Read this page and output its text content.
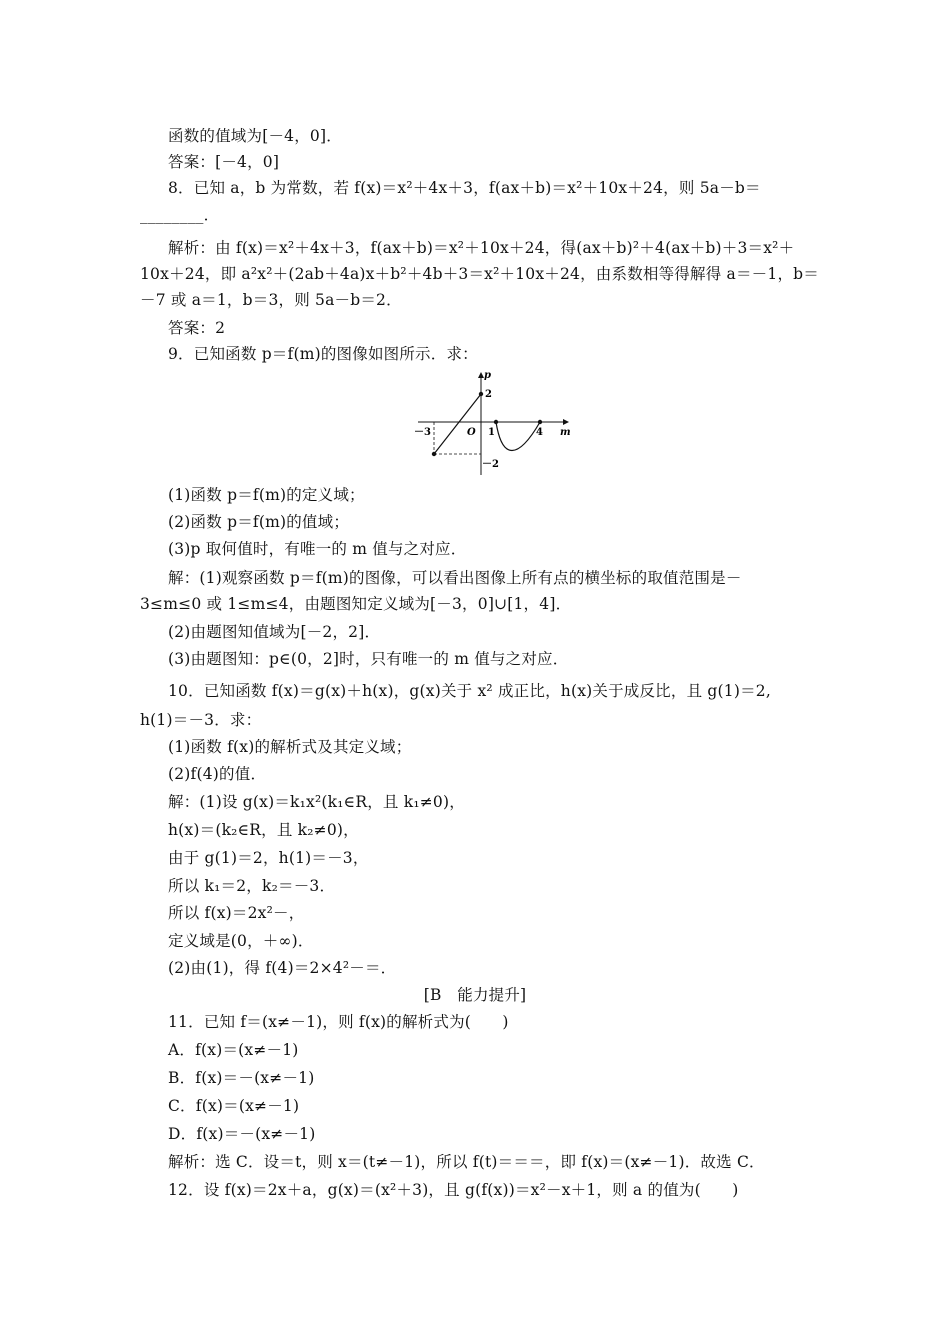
函数的值域为[－4，0]．
答案：[－4，0]
8．已知 a，b 为常数，若 f(x)＝x²＋4x＋3，f(ax＋b)＝x²＋10x＋24，则 5a－b＝
________．
解析：由 f(x)＝x²＋4x＋3，f(ax＋b)＝x²＋10x＋24，得(ax＋b)²＋4(ax＋b)＋3＝x²＋
10x＋24，即 a²x²＋(2ab＋4a)x＋b²＋4b＋3＝x²＋10x＋24，由系数相等得解得 a＝－1，b＝
－7 或 a＝1，b＝3，则 5a－b＝2．
答案：2
9．已知函数 p＝f(m)的图像如图所示．求：
p
m
O
－3	1	4
2
－2
(1)函数 p＝f(m)的定义域；
(2)函数 p＝f(m)的值域；
(3)p 取何值时，有唯一的 m 值与之对应．
解：(1)观察函数 p＝f(m)的图像，可以看出图像上所有点的横坐标的取值范围是－
3≤m≤0 或 1≤m≤4，由题图知定义域为[－3，0]∪[1，4]．
(2)由题图知值域为[－2，2]．
(3)由题图知：p∈(0，2]时，只有唯一的 m 值与之对应．
10．已知函数 f(x)＝g(x)＋h(x)，g(x)关于 x² 成正比，h(x)关于成反比，且 g(1)＝2,
h(1)＝－3．求：
(1)函数 f(x)的解析式及其定义域；
(2)f(4)的值．
解：(1)设 g(x)＝k₁x²(k₁∈R，且 k₁≠0)，
h(x)＝(k₂∈R，且 k₂≠0)，
由于 g(1)＝2，h(1)＝－3，
所以 k₁＝2，k₂＝－3．
所以 f(x)＝2x²－，
定义域是(0，＋∞)．
(2)由(1)，得 f(4)＝2×4²－＝．
[B　能力提升]
11．已知 f＝(x≠－1)，则 f(x)的解析式为(　　)
A．f(x)＝(x≠－1)
B．f(x)＝－(x≠－1)
C．f(x)＝(x≠－1)
D．f(x)＝－(x≠－1)
解析：选 C．设＝t，则 x＝(t≠－1)，所以 f(t)＝＝＝，即 f(x)＝(x≠－1)．故选 C．
12．设 f(x)＝2x＋a，g(x)＝(x²＋3)，且 g(f(x))＝x²－x＋1，则 a 的值为(　　)
